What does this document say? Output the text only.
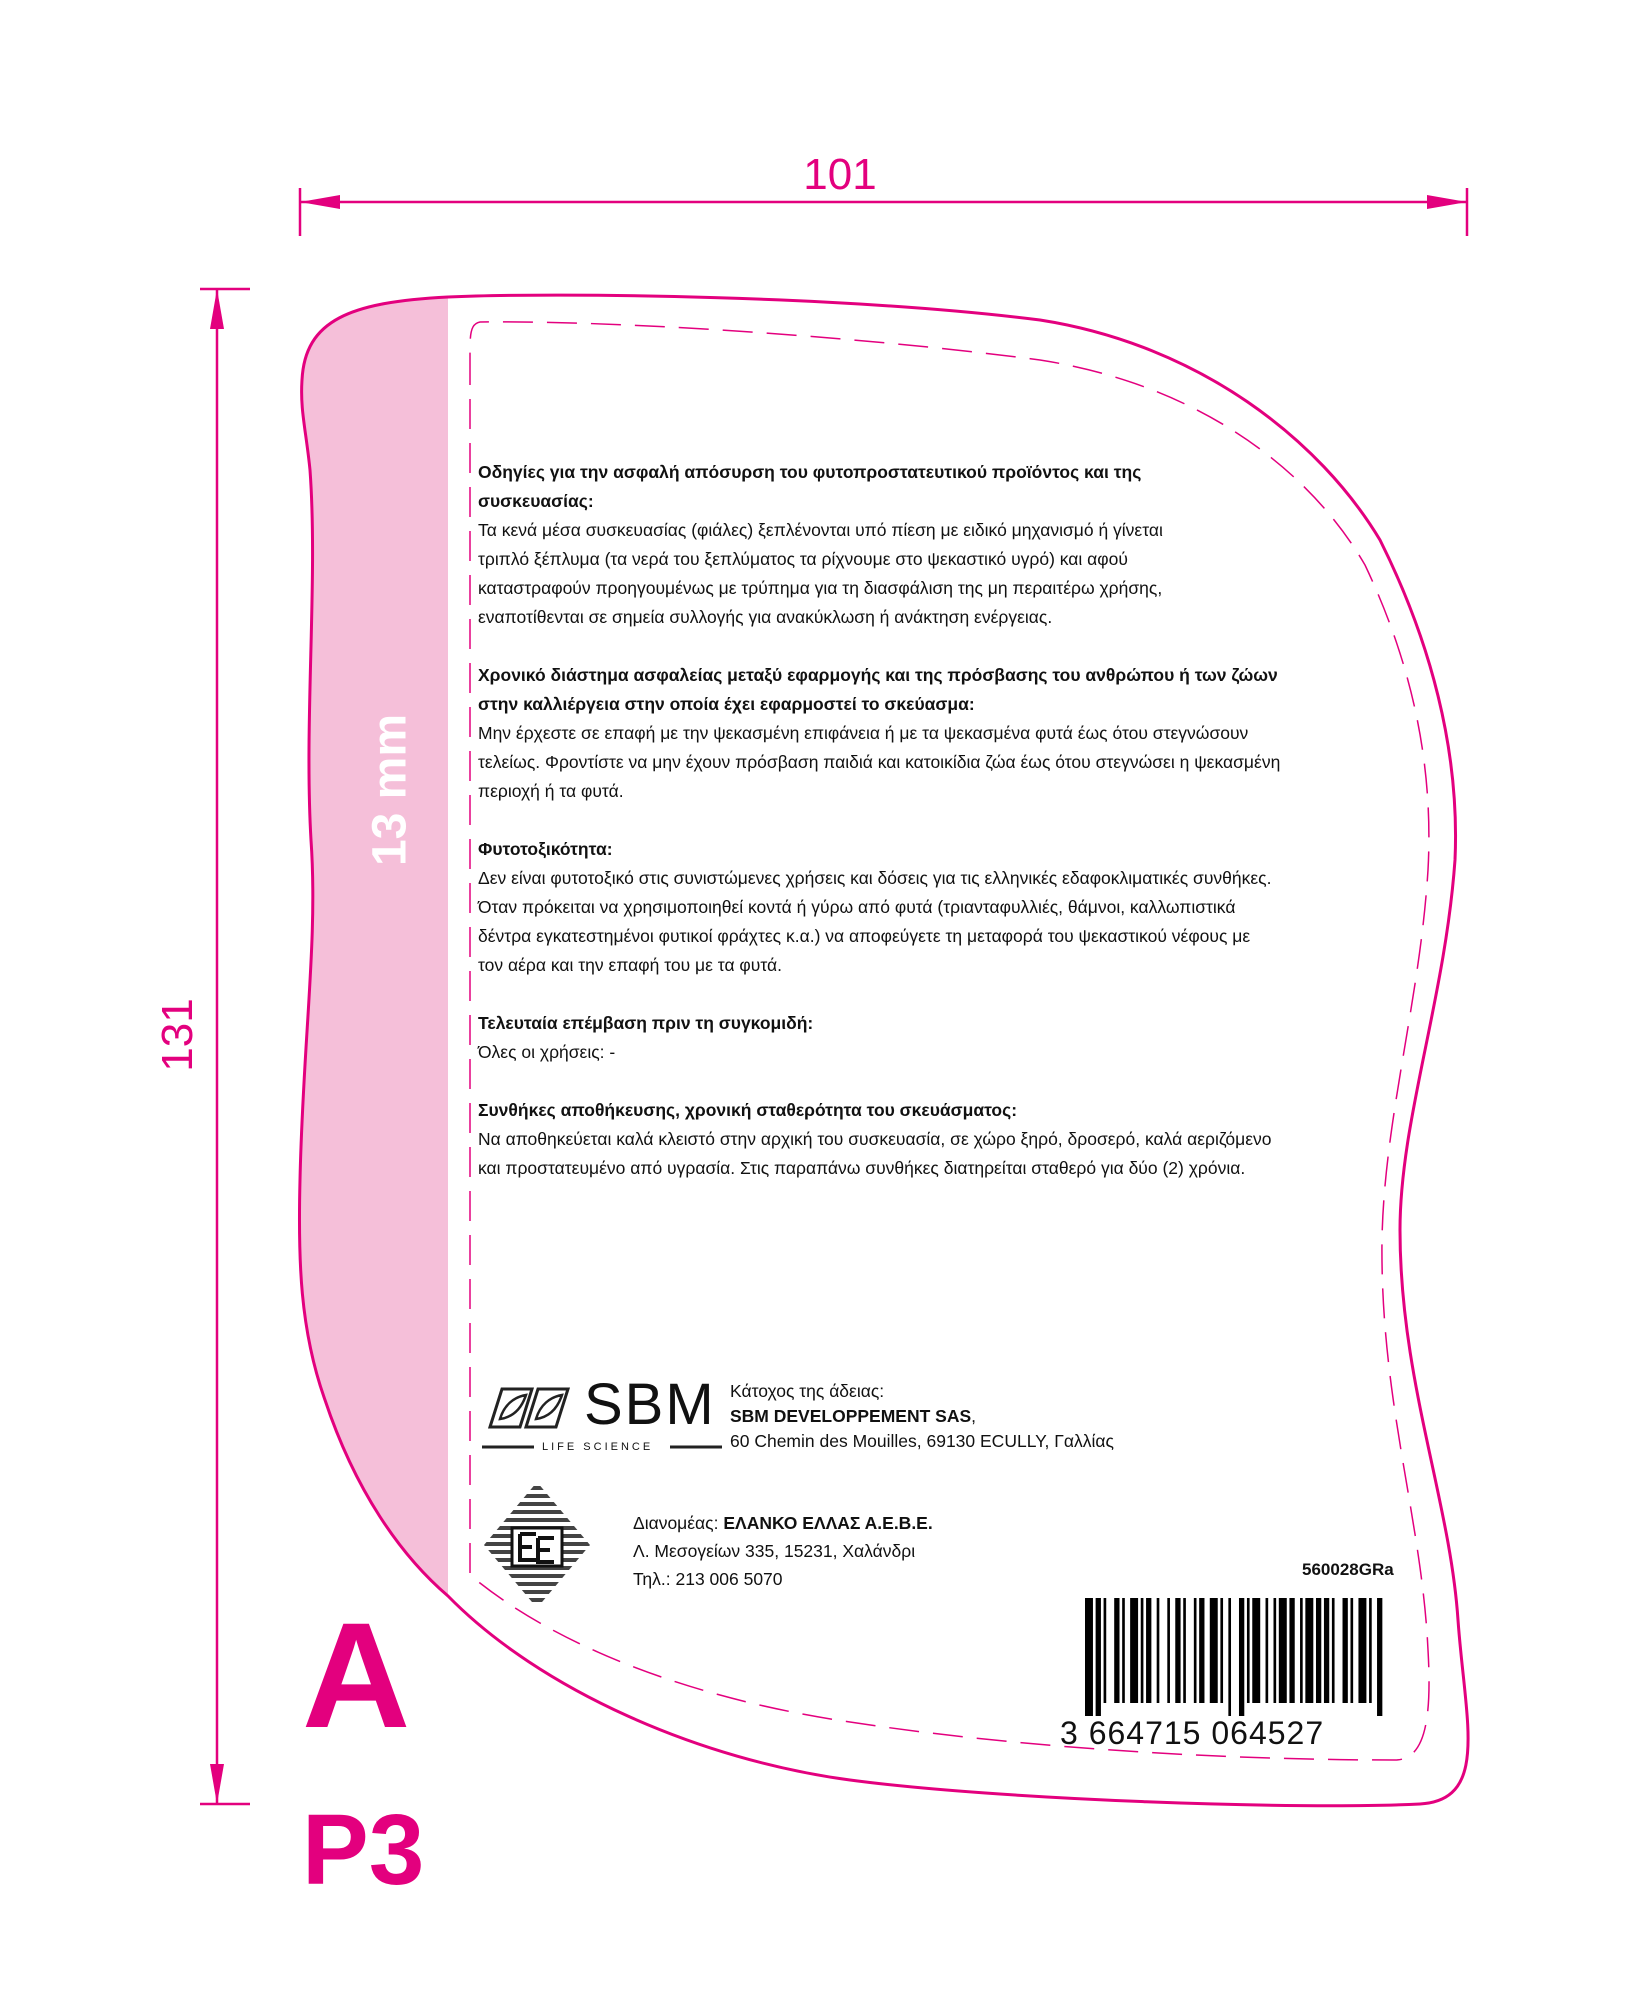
101
131
13 mm
Οδηγίες για την ασφαλή απόσυρση του φυτοπροστατευτικού προϊόντος και της
συσκευασίας:

Τα κενά μέσα συσκευασίας (φιάλες) ξεπλένονται υπό πίεση με ειδικό μηχανισμό ή γίνεται
τριπλό ξέπλυμα (τα νερά του ξεπλύματος τα ρίχνουμε στο ψεκαστικό υγρό) και αφού
καταστραφούν προηγουμένως με τρύπημα για τη διασφάλιση της μη περαιτέρω χρήσης,
εναποτίθενται σε σημεία συλλογής για ανακύκλωση ή ανάκτηση ενέργειας.

Χρονικό διάστημα ασφαλείας μεταξύ εφαρμογής και της πρόσβασης του ανθρώπου ή των ζώων
στην καλλιέργεια στην οποία έχει εφαρμοστεί το σκεύασμα:

Μην έρχεστε σε επαφή με την ψεκασμένη επιφάνεια ή με τα ψεκασμένα φυτά έως ότου στεγνώσουν
τελείως. Φροντίστε να μην έχουν πρόσβαση παιδιά και κατοικίδια ζώα έως ότου στεγνώσει η ψεκασμένη
περιοχή ή τα φυτά.

Φυτοτοξικότητα:

Δεν είναι φυτοτοξικό στις συνιστώμενες χρήσεις και δόσεις για τις ελληνικές εδαφοκλιματικές συνθήκες.
Όταν πρόκειται να χρησιμοποιηθεί κοντά ή γύρω από φυτά (τριανταφυλλιές, θάμνοι, καλλωπιστικά
δέντρα εγκατεστημένοι φυτικοί φράχτες κ.α.) να αποφεύγετε τη μεταφορά του ψεκαστικού νέφους με
τον αέρα και την επαφή του με τα φυτά.

Τελευταία επέμβαση πριν τη συγκομιδή:

Όλες οι χρήσεις: -

Συνθήκες αποθήκευσης, χρονική σταθερότητα του σκευάσματος:

Να αποθηκεύεται καλά κλειστό στην αρχική του συσκευασία, σε χώρο ξηρό, δροσερό, καλά αεριζόμενο
και προστατευμένο από υγρασία. Στις παραπάνω συνθήκες διατηρείται σταθερό για δύο (2) χρόνια.

SBM
LIFE SCIENCE
Κάτοχος της άδειας:
SBM DEVELOPPEMENT SAS,
60 Chemin des Mouilles, 69130 ECULLY, Γαλλίας
Διανομέας: ΕΛΑΝΚΟ ΕΛΛΑΣ Α.Ε.Β.Ε.
Λ. Μεσογείων 335, 15231, Χαλάνδρι
Τηλ.: 213 006 5070	560028GRa
3 664715 064527
A
P3
